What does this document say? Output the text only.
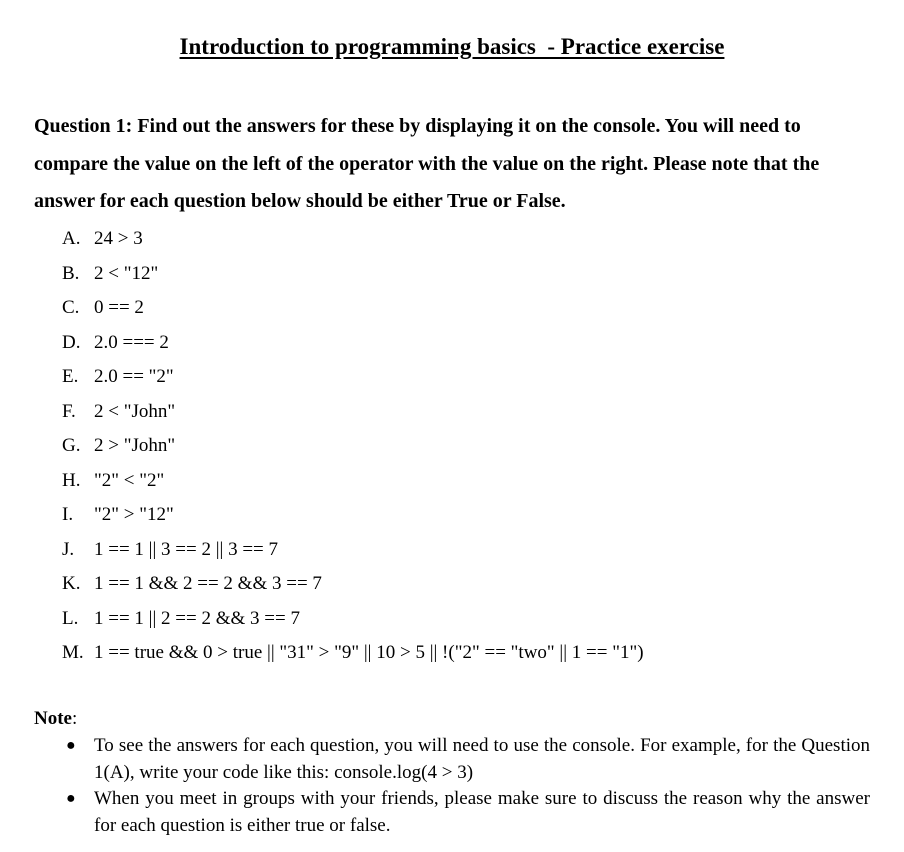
Introduction to programming basics  - Practice exercise
Question 1: Find out the answers for these by displaying it on the console. You will need to compare the value on the left of the operator with the value on the right. Please note that the answer for each question below should be either True or False.
A. 24 > 3
B. 2 < "12"
C. 0 == 2
D. 2.0 === 2
E. 2.0 == "2"
F. 2 < "John"
G. 2 > "John"
H. "2" < "2"
I. "2" > "12"
J. 1 == 1 || 3 == 2 || 3 == 7
K. 1 == 1 && 2 == 2 && 3 == 7
L. 1 == 1 || 2 == 2 && 3 == 7
M. 1 == true && 0 > true || "31" > "9" || 10 > 5 || !("2" == "two" || 1 == "1")
Note:
● To see the answers for each question, you will need to use the console. For example, for the Question 1(A), write your code like this: console.log(4 > 3)
● When you meet in groups with your friends, please make sure to discuss the reason why the answer for each question is either true or false.
